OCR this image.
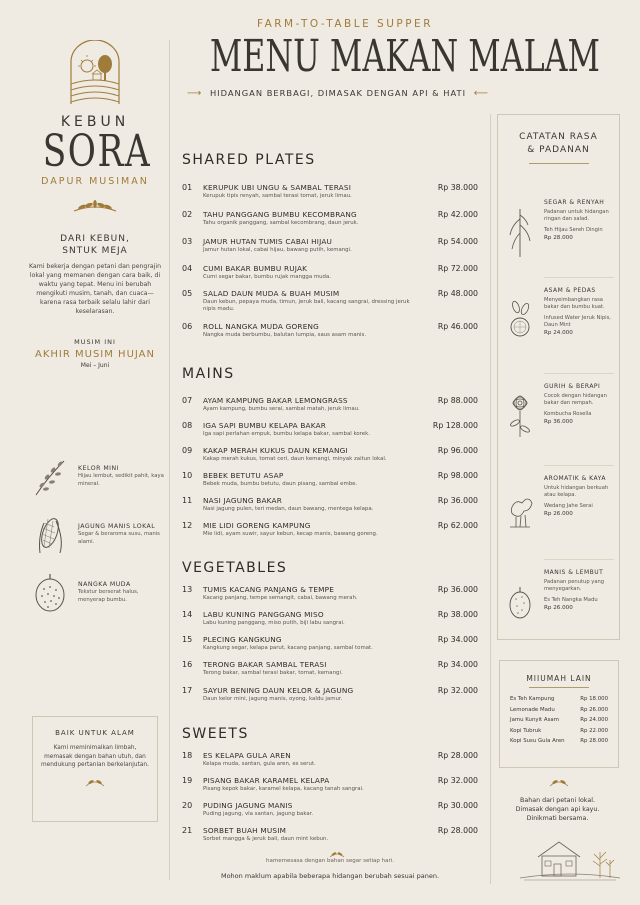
KEBUN
SORA
DAPUR MUSIMAN
DARI KEBUN,
SNTUK MEJA
Kami bekerja dengan petani dan pengrajin lokal yang memanen dengan cara baik, di waktu yang tepat. Menu ini berubah mengikuti musim, tanah, dan cuaca—karena rasa terbaik selalu lahir dari keselarasan.
MUSIM INI
AKHIR MUSIM HUJAN
Mei – Juni
KELOR MINI
Hijau lembut, sedikit pahit, kaya mineral.
JAGUNG MANIS LOKAL
Segar & beraroma susu, manis alami.
NANGKA MUDA
Tekstur berserat halus, menyerap bumbu.
BAIK UNTUK ALAM
Kami meminimalkan limbah, memasak dengan bahan utuh, dan mendukung pertanian berkelanjutan.
FARM-TO-TABLE SUPPER
MENU MAKAN MALAM
⟶ HIDANGAN BERBAGI, DIMASAK DENGAN API & HATI ⟵
SHARED PLATES
01 KERUPUK UBI UNGU & SAMBAL TERASI
Kerupuk tipis renyah, sambal terasi tomat, jeruk limau.
Rp 38.000
02 TAHU PANGGANG BUMBU KECOMBRANG
Tahu organik panggang, sambal kecombrang, daun jeruk.
Rp 42.000
03 JAMUR HUTAN TUMIS CABAI HIJAU
Jamur hutan lokal, cabai hijau, bawang putih, kemangi.
Rp 54.000
04 CUMI BAKAR BUMBU RUJAK
Cumi segar bakar, bumbu rujak mangga muda.
Rp 72.000
05 SALAD DAUN MUDA & BUAH MUSIM
Daun kebun, pepaya muda, timun, jeruk bali, kacang sangrai, dressing jeruk nipis madu.
Rp 48.000
06 ROLL NANGKA MUDA GORENG
Nangka muda berbumbu, balutan lumpia, saus asam manis.
Rp 46.000
MAINS
07 AYAM KAMPUNG BAKAR LEMONGRASS
Ayam kampung, bumbu serai, sambal matah, jeruk limau.
Rp 88.000
08 IGA SAPI BUMBU KELAPA BAKAR
Iga sapi perlahan empuk, bumbu kelapa bakar, sambal korek.
Rp 128.000
09 KAKAP MERAH KUKUS DAUN KEMANGI
Kakap merah kukus, tomat ceri, daun kemangi, minyak zaitun lokal.
Rp 96.000
10 BEBEK BETUTU ASAP
Bebek muda, bumbu betutu, daun pisang, sambal embe.
Rp 98.000
11 NASI JAGUNG BAKAR
Nasi jagung pulen, teri medan, daun bawang, mentega kelapa.
Rp 36.000
12 MIE LIDI GORENG KAMPUNG
Mie lidi, ayam suwir, sayur kebun, kecap manis, bawang goreng.
Rp 62.000
VEGETABLES
13 TUMIS KACANG PANJANG & TEMPE
Kacang panjang, tempe semangit, cabai, bawang merah.
Rp 36.000
14 LABU KUNING PANGGANG MISO
Labu kuning panggang, miso putih, biji labu sangrai.
Rp 38.000
15 PLECING KANGKUNG
Kangkung segar, kelapa parut, kacang panjang, sambal tomat.
Rp 34.000
16 TERONG BAKAR SAMBAL TERASI
Terong bakar, sambal terasi bakar, tomat, kemangi.
Rp 34.000
17 SAYUR BENING DAUN KELOR & JAGUNG
Daun kelor mini, jagung manis, oyong, kaldu jamur.
Rp 32.000
SWEETS
18 ES KELAPA GULA AREN
Kelapa muda, santan, gula aren, es serut.
Rp 28.000
19 PISANG BAKAR KARAMEL KELAPA
Pisang kepok bakar, karamel kelapa, kacang tanah sangrai.
Rp 32.000
20 PUDING JAGUNG MANIS
Puding jagung, vla santan, jagung bakar.
Rp 30.000
21 SORBET BUAH MUSIM
Sorbet mangga & jeruk bali, daun mint kebun.
Rp 28.000
hamemesasa dengan bahan segar setiap hari.
Mohon maklum apabila beberapa hidangan berubah sesuai panen.
CATATAN RASA
& PADANAN
SEGAR & RENYAH
Padanan untuk hidangan ringan dan salad.
Teh Hijau Sereh Dingin
Rp 28.000
ASAM & PEDAS
Menyeimbangkan rasa bakar dan bumbu kuat.
Infused Water Jeruk Nipis, Daun Mint
Rp 24.000
GURIH & BERAPI
Cocok dengan hidangan bakar dan rempah.
Kombucha Rosella
Rp 36.000
AROMATIK & KAYA
Untuk hidangan berkuah atau kelapa.
Wedang Jahe Serai
Rp 26.000
MANIS & LEMBUT
Padanan penutup yang menyegarkan.
Es Teh Nangka Madu
Rp 26.000
MIIUMAH LAIN
Es Teh Kampung	Rp 18.000
Lemonade Madu	Rp 26.000
Jamu Kunyit Asam	Rp 24.000
Kopi Tubruk	Rp 22.000
Kopi Susu Gula Aren	Rp 28.000
Bahan dari petani lokal.
Dimasak dengan api kayu.
Dinikmati bersama.
